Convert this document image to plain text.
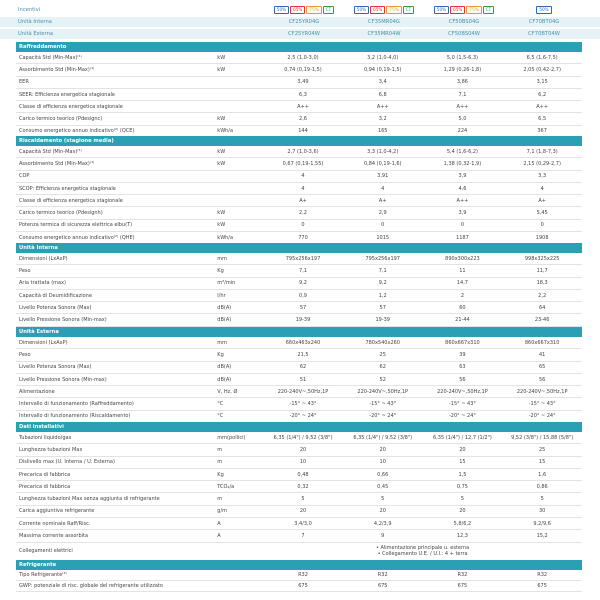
Incentivi	50%	65%	75%	CT	50%	65%	75%	CT	50%	65%	75%	CT	50%
Unità Interna	CF25YR04G	CF35MR04G	CF50BS04G	CF70BT04G
Unità Esterna	CF25YR04W	CF35MR04W	CF50BS04W	CF70BT04W
Raffreddamento
Capacità Std (Min-Max)⁽¹⁾	kW	2,5 (1,0-3,0)	3,2 (1,0-4,0)	5,0 (1,5-6,3)	6,5 (1,6-7,5)
Assorbimento Std (Min-Max)⁽¹⁾	kW	0,74 (0,19-1,5)	0,94 (0,19-1,5)	1,29 (0,26-1,8)	2,05 (0,42-2,7)
EER	3,49	3,4	3,86	3,15
SEER: Efficienza energetica stagionale	6,3	6,8	7,1	6,2
Classe di efficienza energetica stagionale	A++	A++	A++	A++
Carico termico teorico (Pdesignc)	kW	2,6	3,2	5,0	6,5
Consumo energetico annuo indicativo⁽²⁾ (QCE)	kWh/a	144	165	224	367
Riscaldamento (stagione media)
Capacità Std (Min-Max)⁽¹⁾	kW	2,7 (1,0-3,6)	3,3 (1,0-4,2)	5,4 (1,6-6,2)	7,1 (1,8-7,3)
Assorbimento Std (Min-Max)⁽¹⁾	kW	0,67 (0,19-1,55)	0,84 (0,19-1,6)	1,38 (0,32-1,9)	2,15 (0,29-2,7)
COP	4	3,91	3,9	3,3
SCOP: Efficienza energetica stagionale	4	4	4,6	4
Classe di efficienza energetica stagionale	A+	A+	A++	A+
Carico termico teorico (Pdesignh)	kW	2,2	2,9	3,9	5,45
Potenza termica di sicurezza elettrica elbu(T)	kW	0	0	0	0
Consumo energetico annuo indicativo⁽²⁾ (QHE)	kWh/a	770	1015	1187	1908
Unità Interna
Dimensioni (LxAxP)	mm	795x256x197	795x256x197	890x300x223	998x325x225
Peso	Kg	7,1	7,1	11	11,7
Aria trattata (max)	m³/min	9,2	9,2	14,7	18,3
Capacità di Deumidificazione	l/hr	0,9	1,2	2	2,2
Livello Potenza Sonora (Max)	dB(A)	57	57	60	64
Livello Pressione Sonora (Min-max)	dB(A)	19-39	19-39	21-44	23-46
Unità Esterna
Dimensioni (LxAxP)	mm	660x463x240	780x540x260	860x667x310	860x667x310
Peso	Kg	21,5	25	39	41
Livello Potenza Sonora (Max)	dB(A)	62	62	63	65
Livello Pressione Sonora (Min-max)	dB(A)	51	52	56	56
Alimentazione	V, Hz, Ø	220-240V~,50Hz,1P	220-240V~,50Hz,1P	220-240V~,50Hz,1P	220-240V~,50Hz,1P
Intervallo di funzionamento (Raffreddamento)	°C	-15° ~ 43°	-15° ~ 43°	-15° ~ 43°	-15° ~ 43°
Intervallo di funzionamento (Riscaldamento)	°C	-20° ~ 24°	-20° ~ 24°	-20° ~ 24°	-20° ~ 24°
Dati installativi
Tubazioni liquido/gas	mm(pollici)	6,35 (1/4") / 9,52 (3/8")	6,35 (1/4") / 9,52 (3/8")	6,35 (1/4") / 12,7 (1/2")	9,52 (3/8") / 15,88 (5/8")
Lunghezza tubazioni Max	m	20	20	20	25
Dislivello max (U. Interna / U. Esterna)	m	10	10	15	15
Precarica di fabbrica	Kg	0,48	0,66	1,5	1,6
Precarica di fabbrica	TCO₂/a	0,32	0,45	0,75	0,86
Lunghezza tubazioni Max senza aggiunta di refrigerante	m	5	5	5	5
Carica aggiuntiva refrigerante	g/m	20	20	20	30
Corrente nominale Raff/Risc.	A	3,4/3,0	4,2/3,9	5,8/6,2	9,2/9,6
Massima corrente assorbita	A	7	9	12,3	15,2
Collegamenti elettrici	• Alimentazione principale u. esterna
• Collegamento U.E. / U.I.: 4 + terra
Refrigerante
Tipo Refrigerante⁽³⁾	R32	R32	R32	R32
GWP: potenziale di risc. globale del refrigerante utilizzato	675	675	675	675
